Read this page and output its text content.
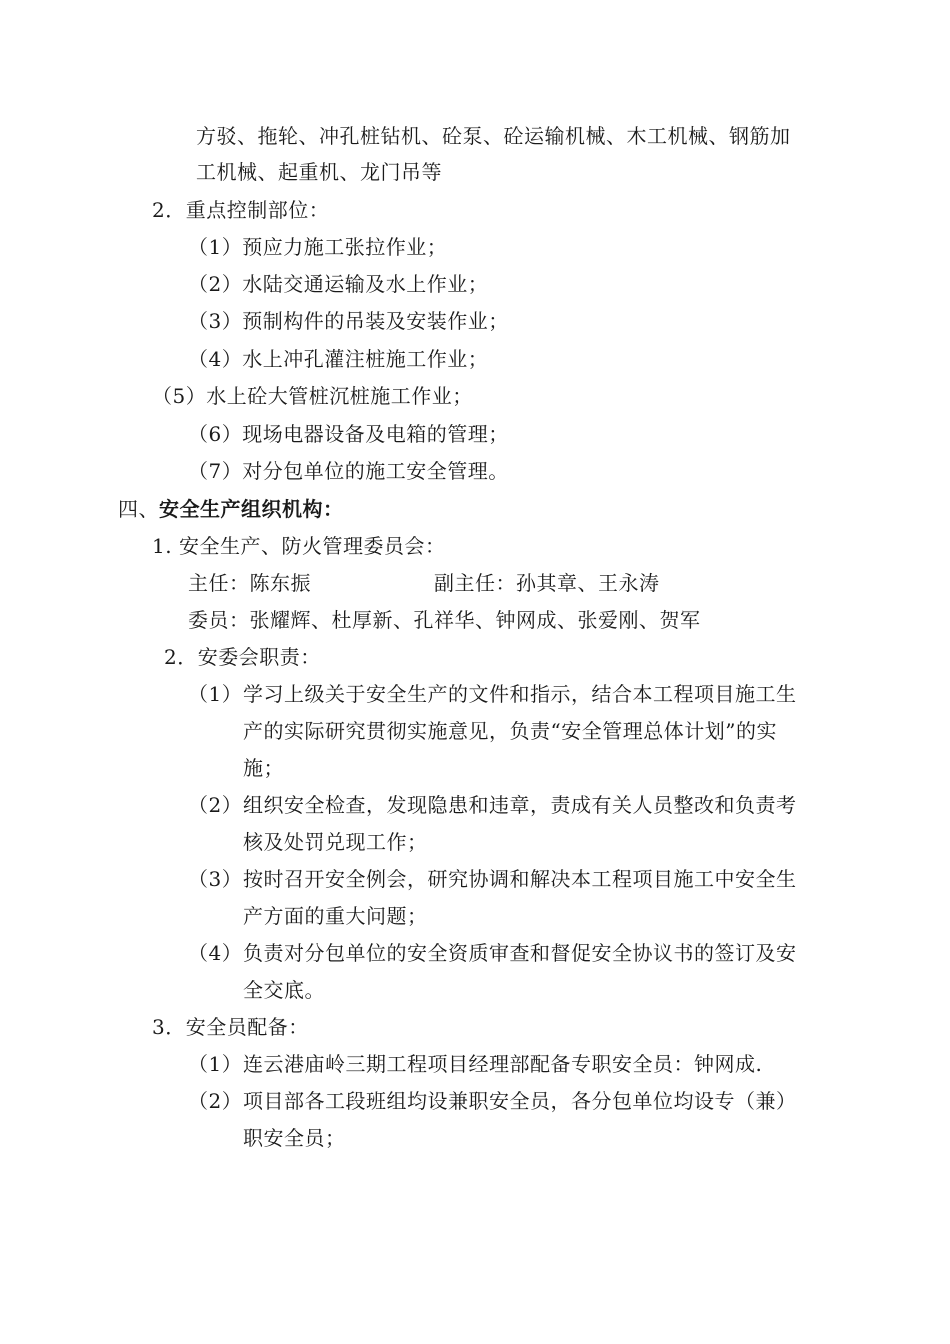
方驳、拖轮、冲孔桩钻机、砼泵、砼运输机械、木工机械、钢筋加
工机械、起重机、龙门吊等
2．重点控制部位：
（1）预应力施工张拉作业；
（2）水陆交通运输及水上作业；
（3）预制构件的吊装及安装作业；
（4）水上冲孔灌注桩施工作业；
（5）水上砼大管桩沉桩施工作业；
（6）现场电器设备及电箱的管理；
（7）对分包单位的施工安全管理。
四、安全生产组织机构：
1. 安全生产、防火管理委员会：
主任：陈东振	副主任：孙其章、王永涛
委员：张耀辉、杜厚新、孔祥华、钟网成、张爱刚、贺军
2．安委会职责：
（1） 学习上级关于安全生产的文件和指示，结合本工程项目施工生
产的实际研究贯彻实施意见，负责“安全管理总体计划”的实
施；
（2） 组织安全检查，发现隐患和违章，责成有关人员整改和负责考
核及处罚兑现工作；
（3） 按时召开安全例会，研究协调和解决本工程项目施工中安全生
产方面的重大问题；
（4） 负责对分包单位的安全资质审查和督促安全协议书的签订及安
全交底。
3．安全员配备：
（1） 连云港庙岭三期工程项目经理部配备专职安全员：钟网成.
（2） 项目部各工段班组均设兼职安全员，各分包单位均设专（兼）
职安全员；
